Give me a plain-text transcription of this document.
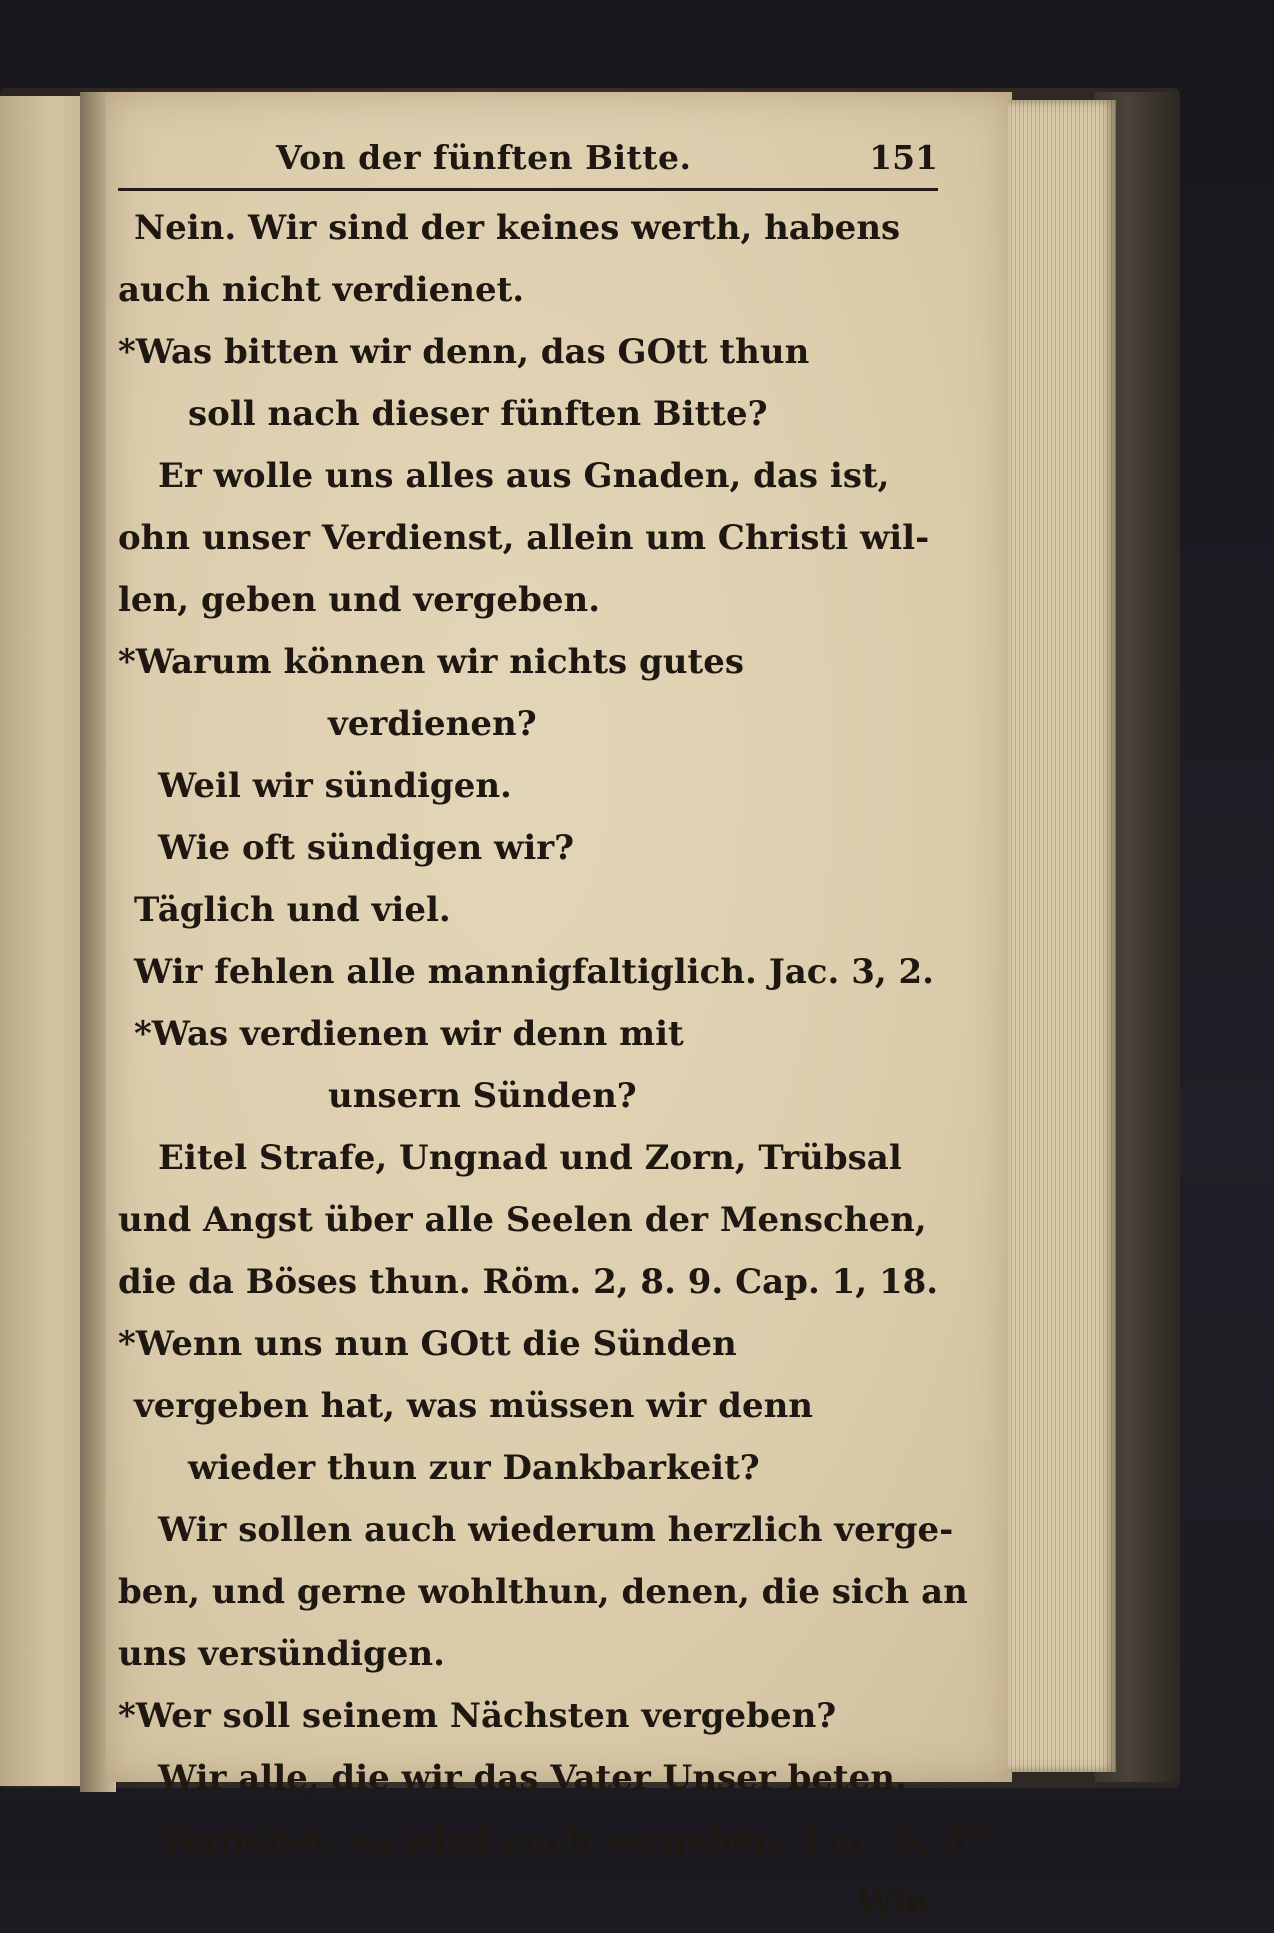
Von der fünften Bitte.	151
Nein. Wir sind der keines werth, habens
auch nicht verdienet.
*Was bitten wir denn, das GOtt thun
soll nach dieser fünften Bitte?
Er wolle uns alles aus Gnaden, das ist,
ohn unser Verdienst, allein um Christi wil-
len, geben und vergeben.
*Warum können wir nichts gutes
verdienen?
Weil wir sündigen.
Wie oft sündigen wir?
Täglich und viel.
Wir fehlen alle mannigfaltiglich. Jac. 3, 2.
*Was verdienen wir denn mit
unsern Sünden?
Eitel Strafe, Ungnad und Zorn, Trübsal
und Angst über alle Seelen der Menschen,
die da Böses thun. Röm. 2, 8. 9. Cap. 1, 18.
*Wenn uns nun GOtt die Sünden
vergeben hat, was müssen wir denn
wieder thun zur Dankbarkeit?
Wir sollen auch wiederum herzlich verge-
ben, und gerne wohlthun, denen, die sich an
uns versündigen.
*Wer soll seinem Nächsten vergeben?
Wir alle, die wir das Vater Unser beten.
Vergebet, so wird euch vergeben. Luc. 6, 37.
Wie
